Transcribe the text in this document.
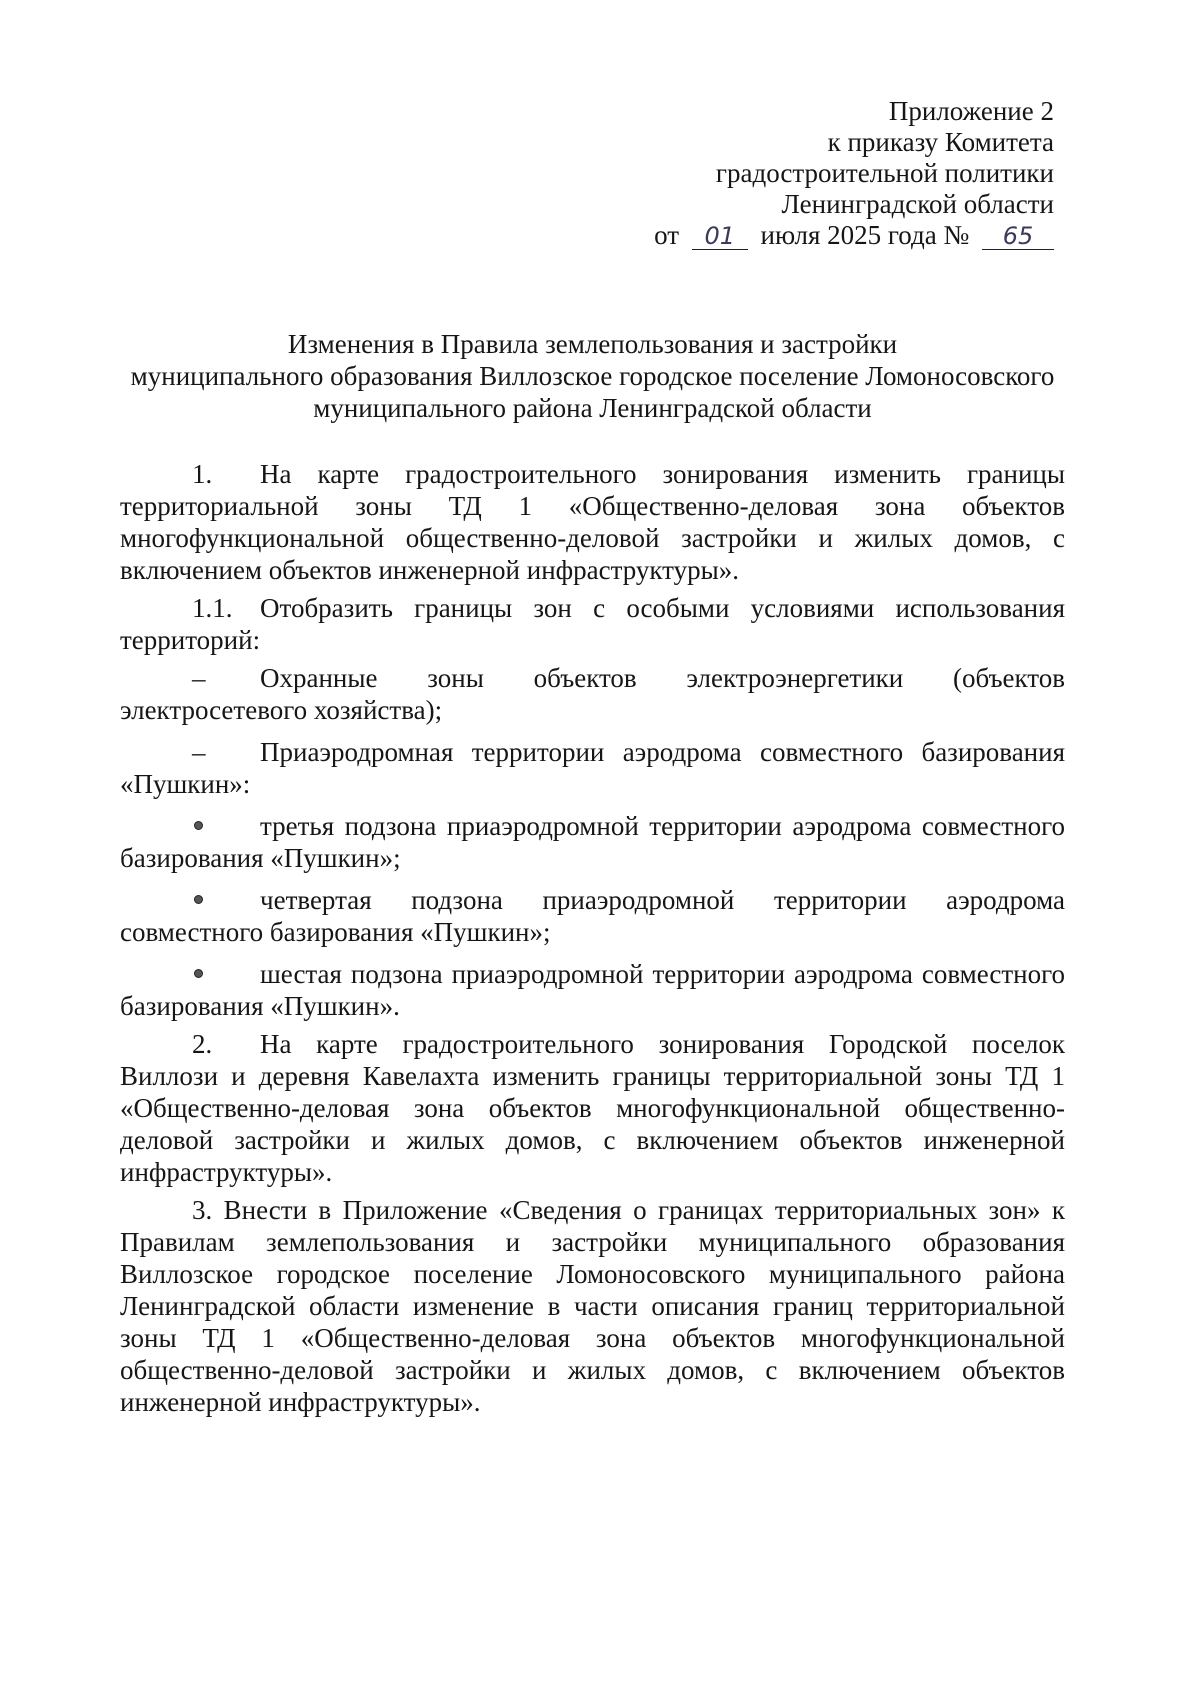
Приложение 2
к приказу Комитета
градостроительной политики
Ленинградской области
от 01 июля 2025 года № 65
Изменения в Правила землепользования и застройки
муниципального образования Виллозское городское поселение Ломоносовского
муниципального района Ленинградской области

1. На карте градостроительного зонирования изменить границы территориальной зоны ТД 1 «Общественно-деловая зона объектов многофункциональной общественно-деловой застройки и жилых домов, с включением объектов инженерной инфраструктуры».

1.1. Отобразить границы зон с особыми условиями использования территорий:

– Охранные зоны объектов электроэнергетики (объектов электросетевого хозяйства);

– Приаэродромная территории аэродрома совместного базирования «Пушкин»:

третья подзона приаэродромной территории аэродрома совместного базирования «Пушкин»;

четвертая подзона приаэродромной территории аэродрома совместного базирования «Пушкин»;

шестая подзона приаэродромной территории аэродрома совместного базирования «Пушкин».

2. На карте градостроительного зонирования Городской поселок Виллози и деревня Кавелахта изменить границы территориальной зоны ТД 1 «Общественно-деловая зона объектов многофункциональной общественно-деловой застройки и жилых домов, с включением объектов инженерной инфраструктуры».

3. Внести в Приложение «Сведения о границах территориальных зон» к Правилам землепользования и застройки муниципального образования Виллозское городское поселение Ломоносовского муниципального района Ленинградской области изменение в части описания границ территориальной зоны ТД 1 «Общественно-деловая зона объектов многофункциональной общественно-деловой застройки и жилых домов, с включением объектов инженерной инфраструктуры».
